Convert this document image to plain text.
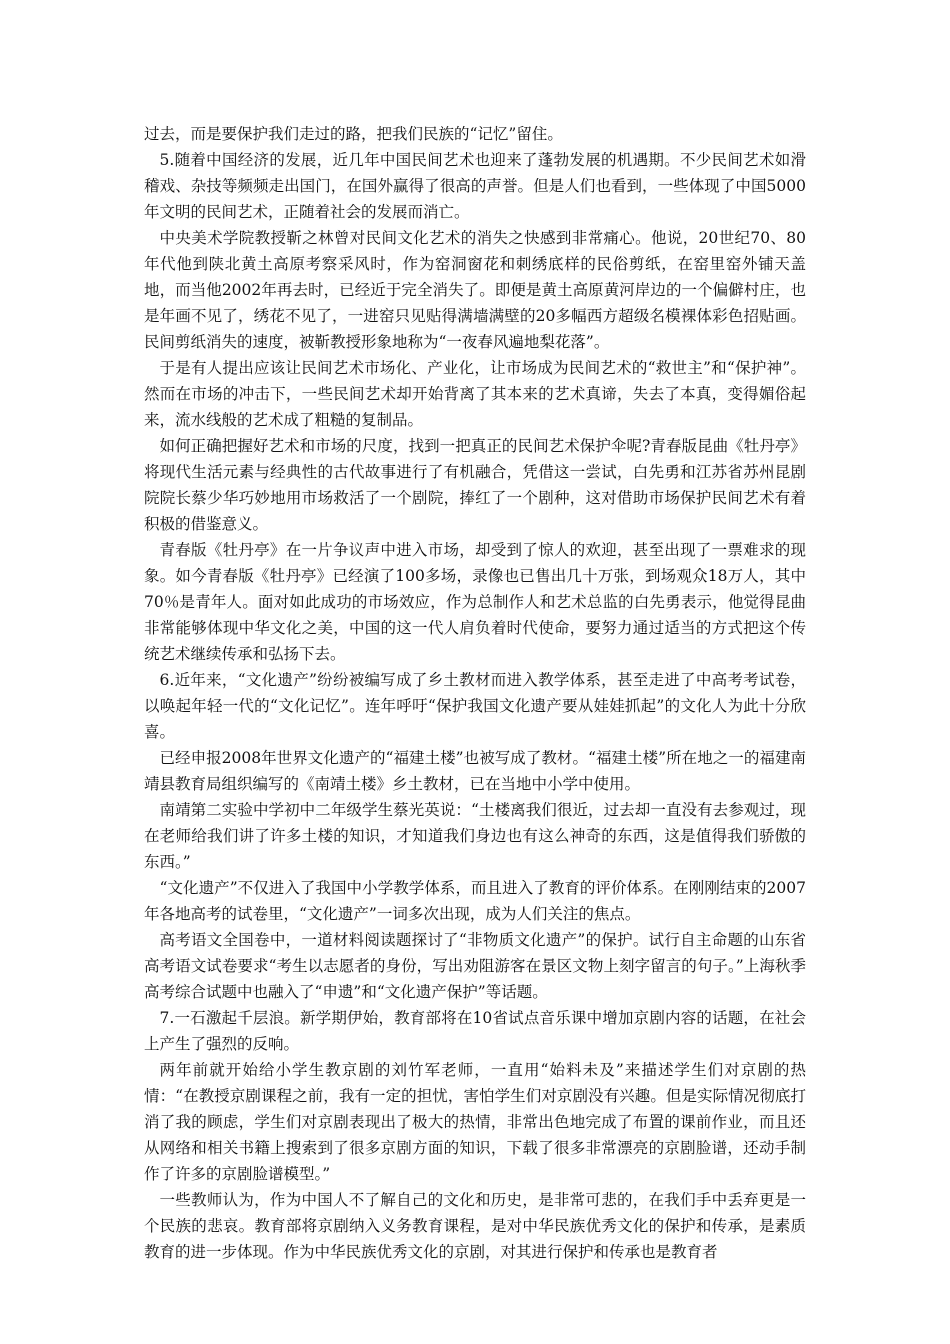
过去，而是要保护我们走过的路，把我们民族的“记忆”留住。

5.随着中国经济的发展，近几年中国民间艺术也迎来了蓬勃发展的机遇期。不少民间艺术如滑稽戏、杂技等频频走出国门，在国外赢得了很高的声誉。但是人们也看到，一些体现了中国5000年文明的民间艺术，正随着社会的发展而消亡。

中央美术学院教授靳之林曾对民间文化艺术的消失之快感到非常痛心。他说，20世纪70、80年代他到陕北黄土高原考察采风时，作为窑洞窗花和刺绣底样的民俗剪纸，在窑里窑外铺天盖地，而当他2002年再去时，已经近于完全消失了。即便是黄土高原黄河岸边的一个偏僻村庄，也是年画不见了，绣花不见了，一进窑只见贴得满墙满壁的20多幅西方超级名模裸体彩色招贴画。民间剪纸消失的速度，被靳教授形象地称为“一夜春风遍地梨花落”。

于是有人提出应该让民间艺术市场化、产业化，让市场成为民间艺术的“救世主”和“保护神”。然而在市场的冲击下，一些民间艺术却开始背离了其本来的艺术真谛，失去了本真，变得媚俗起来，流水线般的艺术成了粗糙的复制品。

如何正确把握好艺术和市场的尺度，找到一把真正的民间艺术保护伞呢?青春版昆曲《牡丹亭》将现代生活元素与经典性的古代故事进行了有机融合，凭借这一尝试，白先勇和江苏省苏州昆剧院院长蔡少华巧妙地用市场救活了一个剧院，捧红了一个剧种，这对借助市场保护民间艺术有着积极的借鉴意义。

青春版《牡丹亭》在一片争议声中进入市场，却受到了惊人的欢迎，甚至出现了一票难求的现象。如今青春版《牡丹亭》已经演了100多场，录像也已售出几十万张，到场观众18万人，其中70％是青年人。面对如此成功的市场效应，作为总制作人和艺术总监的白先勇表示，他觉得昆曲非常能够体现中华文化之美，中国的这一代人肩负着时代使命，要努力通过适当的方式把这个传统艺术继续传承和弘扬下去。

6.近年来，“文化遗产”纷纷被编写成了乡土教材而进入教学体系，甚至走进了中高考考试卷，以唤起年轻一代的“文化记忆”。连年呼吁“保护我国文化遗产要从娃娃抓起”的文化人为此十分欣喜。

已经申报2008年世界文化遗产的“福建土楼”也被写成了教材。“福建土楼”所在地之一的福建南靖县教育局组织编写的《南靖土楼》乡土教材，已在当地中小学中使用。

南靖第二实验中学初中二年级学生蔡光英说：“土楼离我们很近，过去却一直没有去参观过，现在老师给我们讲了许多土楼的知识，才知道我们身边也有这么神奇的东西，这是值得我们骄傲的东西。”

“文化遗产”不仅进入了我国中小学教学体系，而且进入了教育的评价体系。在刚刚结束的2007年各地高考的试卷里，“文化遗产”一词多次出现，成为人们关注的焦点。

高考语文全国卷中，一道材料阅读题探讨了“非物质文化遗产”的保护。试行自主命题的山东省高考语文试卷要求“考生以志愿者的身份，写出劝阻游客在景区文物上刻字留言的句子。”上海秋季高考综合试题中也融入了“申遗”和“文化遗产保护”等话题。

7.一石激起千层浪。新学期伊始，教育部将在10省试点音乐课中增加京剧内容的话题，在社会上产生了强烈的反响。

两年前就开始给小学生教京剧的刘竹军老师，一直用“始料未及”来描述学生们对京剧的热情：“在教授京剧课程之前，我有一定的担忧，害怕学生们对京剧没有兴趣。但是实际情况彻底打消了我的顾虑，学生们对京剧表现出了极大的热情，非常出色地完成了布置的课前作业，而且还从网络和相关书籍上搜索到了很多京剧方面的知识，下载了很多非常漂亮的京剧脸谱，还动手制作了许多的京剧脸谱模型。”

一些教师认为，作为中国人不了解自己的文化和历史，是非常可悲的，在我们手中丢弃更是一个民族的悲哀。教育部将京剧纳入义务教育课程，是对中华民族优秀文化的保护和传承，是素质教育的进一步体现。作为中华民族优秀文化的京剧，对其进行保护和传承也是教育者
